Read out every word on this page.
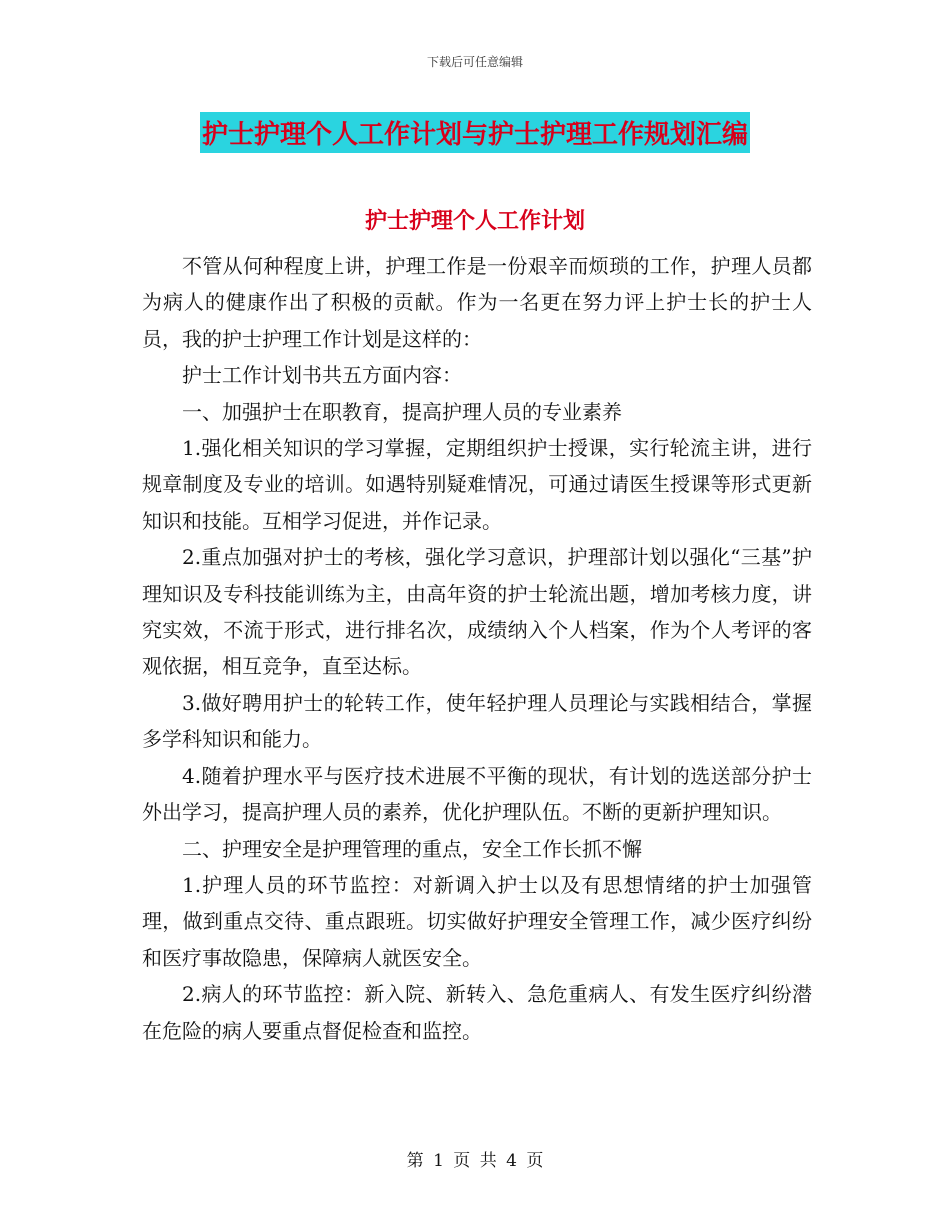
下载后可任意编辑
护士护理个人工作计划与护士护理工作规划汇编
护士护理个人工作计划

不管从何种程度上讲，护理工作是一份艰辛而烦琐的工作，护理人员都为病人的健康作出了积极的贡献。作为一名更在努力评上护士长的护士人员，我的护士护理工作计划是这样的：

护士工作计划书共五方面内容：

一、加强护士在职教育，提高护理人员的专业素养

1.强化相关知识的学习掌握，定期组织护士授课，实行轮流主讲，进行规章制度及专业的培训。如遇特别疑难情况，可通过请医生授课等形式更新知识和技能。互相学习促进，并作记录。

2.重点加强对护士的考核，强化学习意识，护理部计划以强化“三基”护理知识及专科技能训练为主，由高年资的护士轮流出题，增加考核力度，讲究实效，不流于形式，进行排名次，成绩纳入个人档案，作为个人考评的客观依据，相互竞争，直至达标。

3.做好聘用护士的轮转工作，使年轻护理人员理论与实践相结合，掌握多学科知识和能力。

4.随着护理水平与医疗技术进展不平衡的现状，有计划的选送部分护士外出学习，提高护理人员的素养，优化护理队伍。不断的更新护理知识。

二、护理安全是护理管理的重点，安全工作长抓不懈

1.护理人员的环节监控：对新调入护士以及有思想情绪的护士加强管理，做到重点交待、重点跟班。切实做好护理安全管理工作，减少医疗纠纷和医疗事故隐患，保障病人就医安全。

2.病人的环节监控：新入院、新转入、急危重病人、有发生医疗纠纷潜在危险的病人要重点督促检查和监控。

第 1 页 共 4 页
